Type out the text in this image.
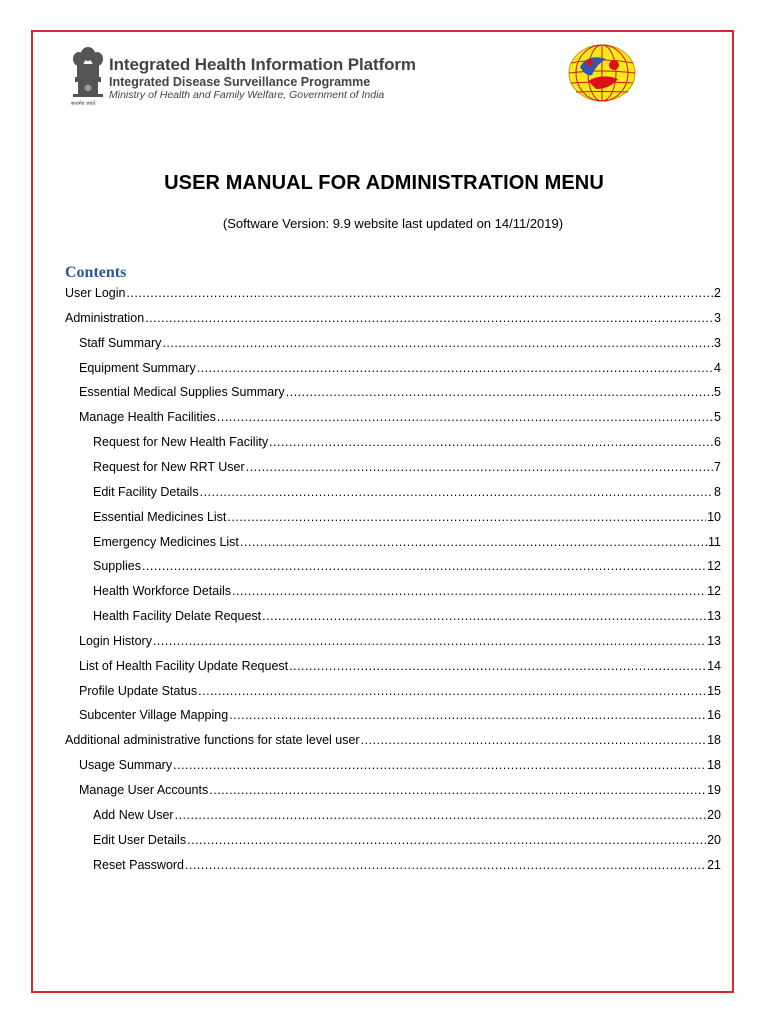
सत्यमेव जयते
Integrated Health Information Platform
Integrated Disease Surveillance Programme
Ministry of Health and Family Welfare, Government of India
USER MANUAL FOR ADMINISTRATION MENU
(Software Version: 9.9 website last updated on 14/11/2019)
Contents
User Login .....	2
Administration .....	3
Staff Summary .....	3
Equipment Summary .....	4
Essential Medical Supplies Summary .....	5
Manage Health Facilities .....	5
Request for New Health Facility .....	6
Request for New RRT User .....	7
Edit Facility Details .....	8
Essential Medicines List .....	10
Emergency Medicines List .....	11
Supplies .....	12
Health Workforce Details .....	12
Health Facility Delate Request .....	13
Login History .....	13
List of Health Facility Update Request .....	14
Profile Update Status .....	15
Subcenter Village Mapping .....	16
Additional administrative functions for state level user .....	18
Usage Summary .....	18
Manage User Accounts .....	19
Add New User .....	20
Edit User Details .....	20
Reset Password .....	21
